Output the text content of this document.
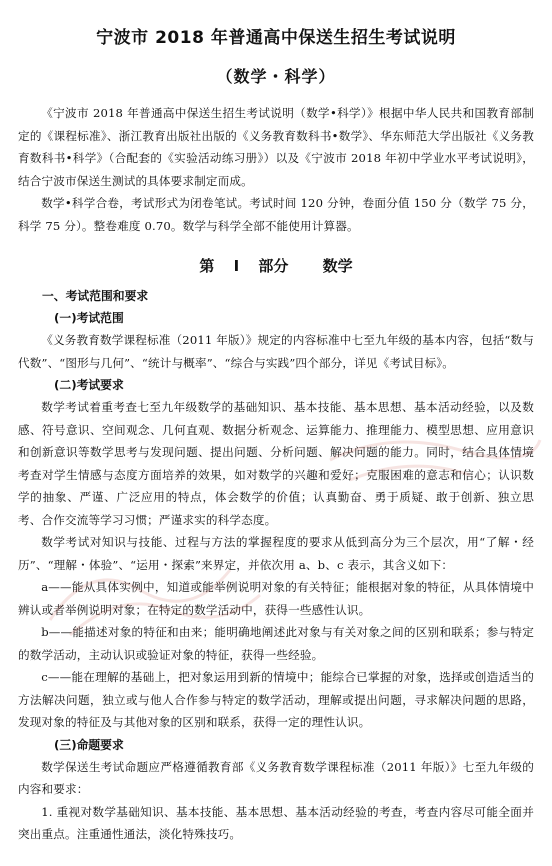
宁波市 2018 年普通高中保送生招生考试说明
（数学・科学）

《宁波市 2018 年普通高中保送生招生考试说明（数学•科学）》根据中华人民共和国教育部制定的《课程标准》、浙江教育出版社出版的《义务教育数科书•数学》、华东师范大学出版社《义务教育数科书•科学》（合配套的《实验活动练习册》）以及《宁波市 2018 年初中学业水平考试说明》，结合宁波市保送生测试的具体要求制定而成。

数学•科学合卷，考试形式为闭卷笔试。考试时间 120 分钟，卷面分值 150 分（数学 75 分，科学 75 分）。整卷难度 0.70。数学与科学全部不能使用计算器。

第 Ⅰ 部分　 数学
一、考试范围和要求
(一)考试范围

《义务教育数学课程标准（2011 年版）》规定的内容标准中七至九年级的基本内容，包括“数与代数”、“图形与几何”、“统计与概率”、“综合与实践”四个部分，详见《考试目标》。

(二)考试要求

数学考试着重考查七至九年级数学的基础知识、基本技能、基本思想、基本活动经验，以及数感、符号意识、空间观念、几何直观、数据分析观念、运算能力、推理能力、模型思想、应用意识和创新意识等数学思考与发现问题、提出问题、分析问题、解决问题的能力。同时，结合具体情境考查对学生情感与态度方面培养的效果，如对数学的兴趣和爱好；克服困难的意志和信心；认识数学的抽象、严谨、广泛应用的特点，体会数学的价值；认真勤奋、勇于质疑、敢于创新、独立思考、合作交流等学习习惯；严谨求实的科学态度。

数学考试对知识与技能、过程与方法的掌握程度的要求从低到高分为三个层次，用“了解・经历”、“理解・体验”、“运用・探索”来界定，并依次用 a、b、c 表示，其含义如下：

a——能从具体实例中，知道或能举例说明对象的有关特征；能根据对象的特征，从具体情境中辨认或者举例说明对象；在特定的数学活动中，获得一些感性认识。

b——能描述对象的特征和由来；能明确地阐述此对象与有关对象之间的区别和联系；参与特定的数学活动，主动认识或验证对象的特征，获得一些经验。

c——能在理解的基础上，把对象运用到新的情境中；能综合已掌握的对象，选择或创造适当的方法解决问题，独立或与他人合作参与特定的数学活动，理解或提出问题，寻求解决问题的思路，发现对象的特征及与其他对象的区别和联系，获得一定的理性认识。

(三)命题要求

数学保送生考试命题应严格遵循教育部《义务教育数学课程标准（2011 年版）》七至九年级的内容和要求：

1. 重视对数学基础知识、基本技能、基本思想、基本活动经验的考查，考查内容尽可能全面并突出重点。注重通性通法，淡化特殊技巧。
